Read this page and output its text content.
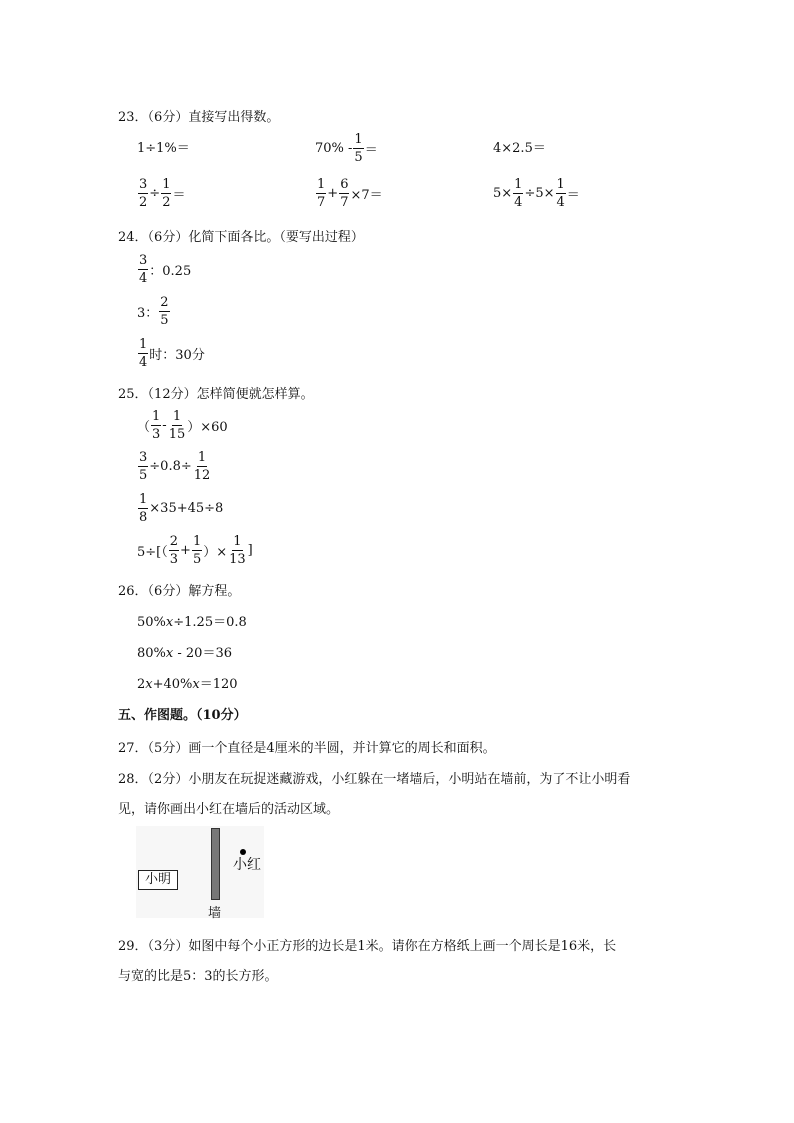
23．（6分）直接写出得数。
1÷1%＝	$70\% - \frac{1}{5}$ ＝	4×2.5＝
$\frac{3}{2} \div \frac{1}{2}$ ＝	$\frac{1}{7} + \frac{6}{7} \times 7=$	$5\times \frac{1}{4} \div 5\times \frac{1}{4}$ ＝
24．（6分）化简下面各比。（要写出过程）
$\frac{3}{4}$ ：0.25
3： $\frac{2}{5}$
$\frac{1}{4}$ 时：30分
25．（12分）怎样简便就怎样算。
（ $\frac{1}{3} - \frac{1}{15} )\times 60$
$\frac{3}{5} \div 0.8\div \frac{1}{12}$
$\frac{1}{8} \times 35+45\div 8$
$5\div[( \frac{2}{3} + \frac{1}{5}$ ）× $\frac{1}{13}$ ]
26．（6分）解方程。
50%x÷1.25＝0.8
80%x - 20＝36
2x+40%x＝120
五、作图题。（10分）
27．（5分）画一个直径是4厘米的半圆，并计算它的周长和面积。
28．（2分）小朋友在玩捉迷藏游戏，小红躲在一堵墙后，小明站在墙前，为了不让小明看
见，请你画出小红在墙后的活动区域。
小明
小红
墙
29．（3分）如图中每个小正方形的边长是1米。请你在方格纸上画一个周长是16米，长
与宽的比是5：3的长方形。
